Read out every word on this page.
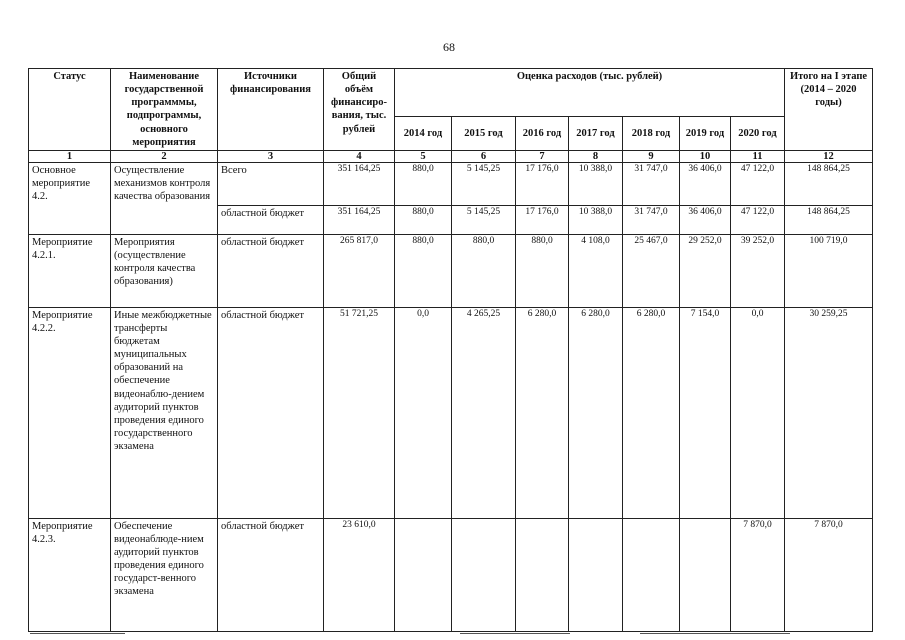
68
Статус	Наименование государственной программмы, подпрограммы, основного мероприятия	Источники финансирования	Общий объём финансиро-вания, тыс. рублей	Оценка расходов (тыс. рублей)							Итого на I этапе (2014 – 2020 годы)
				2014 год	2015 год	2016 год	2017 год	2018 год	2019 год	2020 год	
1	2	3	4	5	6	7	8	9	10	11	12
Основное мероприятие 4.2.	Осуществление механизмов контроля качества образования	Всего	351 164,25	880,0	5 145,25	17 176,0	10 388,0	31 747,0	36 406,0	47 122,0	148 864,25
		областной бюджет	351 164,25	880,0	5 145,25	17 176,0	10 388,0	31 747,0	36 406,0	47 122,0	148 864,25
Мероприятие 4.2.1.	Мероприятия (осуществление контроля качества образования)	областной бюджет	265 817,0	880,0	880,0	880,0	4 108,0	25 467,0	29 252,0	39 252,0	100 719,0
Мероприятие 4.2.2.	Иные межбюджетные трансферты бюджетам муниципальных образований на обеспечение видеонаблю-дением аудиторий пунктов проведения единого государственного экзамена	областной бюджет	51 721,25	0,0	4 265,25	6 280,0	6 280,0	6 280,0	7 154,0	0,0	30 259,25
Мероприятие 4.2.3.	Обеспечение видеонаблюде-нием аудиторий пунктов проведения единого государст-венного экзамена	областной бюджет	23 610,0							7 870,0	7 870,0
